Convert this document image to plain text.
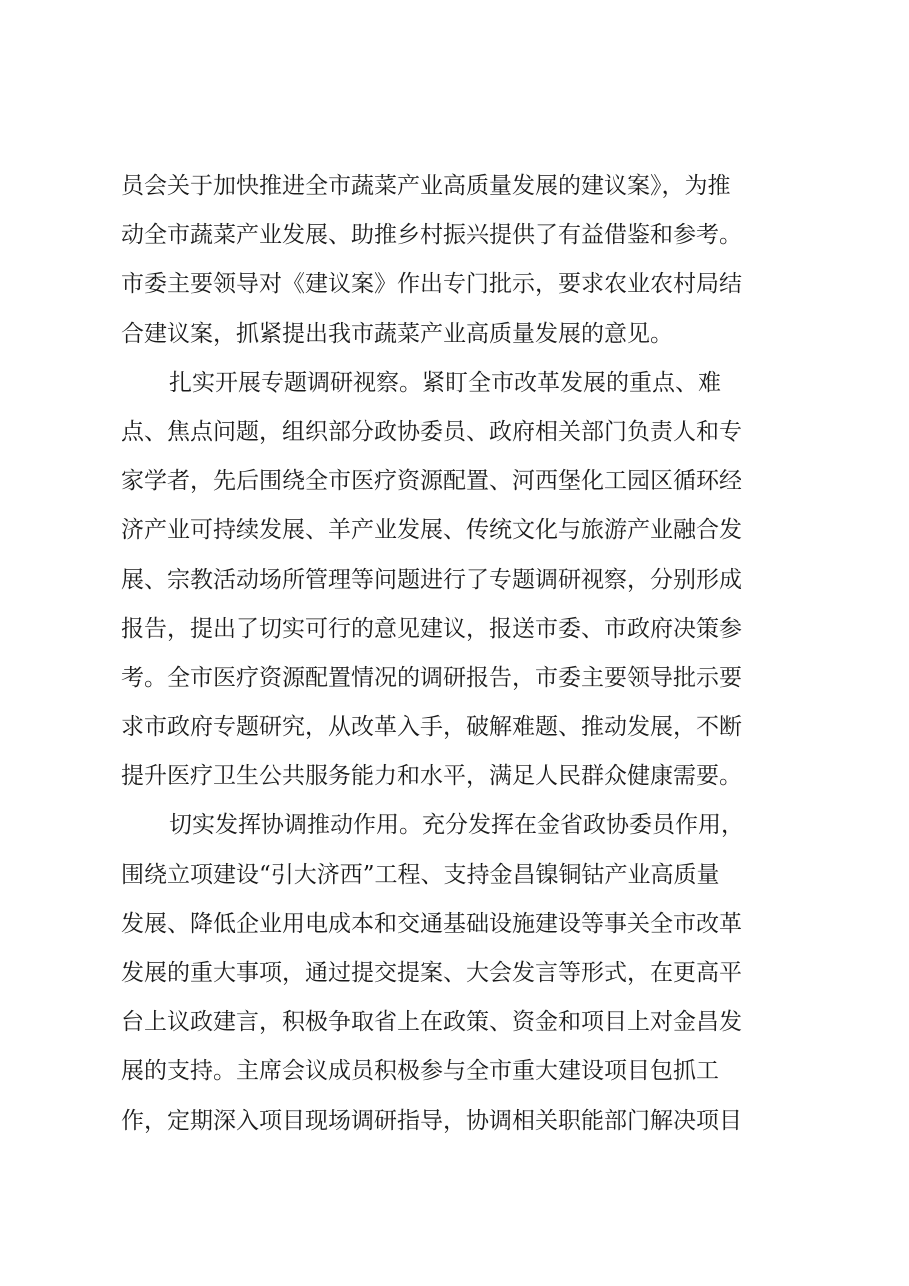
员会关于加快推进全市蔬菜产业高质量发展的建议案》，为推
动全市蔬菜产业发展、助推乡村振兴提供了有益借鉴和参考。
市委主要领导对《建议案》作出专门批示，要求农业农村局结
合建议案，抓紧提出我市蔬菜产业高质量发展的意见。
扎实开展专题调研视察。紧盯全市改革发展的重点、难
点、焦点问题，组织部分政协委员、政府相关部门负责人和专
家学者，先后围绕全市医疗资源配置、河西堡化工园区循环经
济产业可持续发展、羊产业发展、传统文化与旅游产业融合发
展、宗教活动场所管理等问题进行了专题调研视察，分别形成
报告，提出了切实可行的意见建议，报送市委、市政府决策参
考。全市医疗资源配置情况的调研报告，市委主要领导批示要
求市政府专题研究，从改革入手，破解难题、推动发展，不断
提升医疗卫生公共服务能力和水平，满足人民群众健康需要。
切实发挥协调推动作用。充分发挥在金省政协委员作用，
围绕立项建设“引大济西”工程、支持金昌镍铜钴产业高质量
发展、降低企业用电成本和交通基础设施建设等事关全市改革
发展的重大事项，通过提交提案、大会发言等形式，在更高平
台上议政建言，积极争取省上在政策、资金和项目上对金昌发
展的支持。主席会议成员积极参与全市重大建设项目包抓工
作，定期深入项目现场调研指导，协调相关职能部门解决项目
